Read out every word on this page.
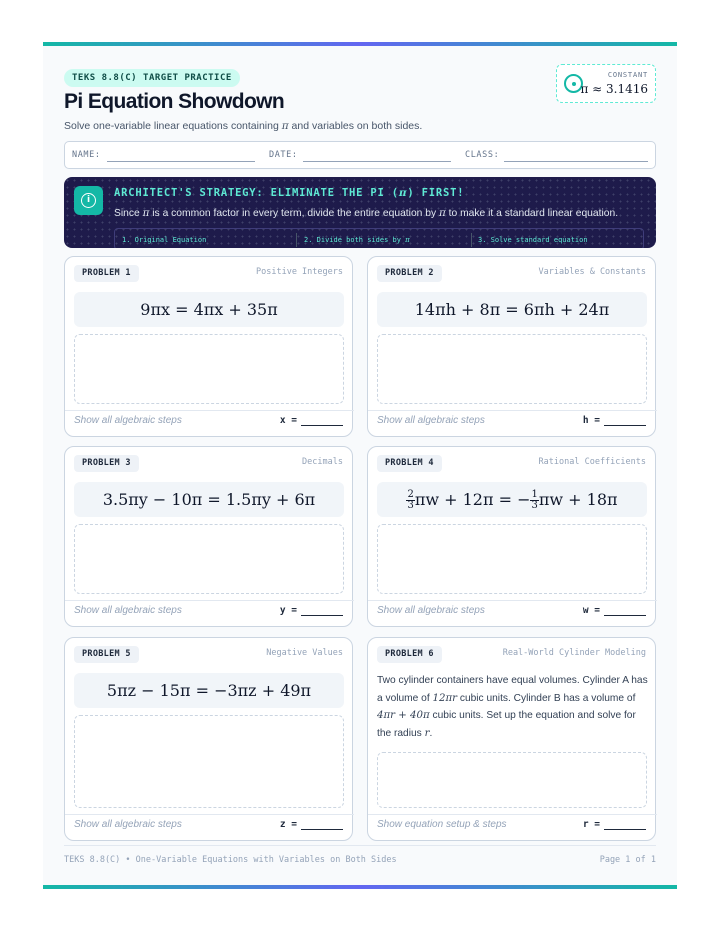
TEKS 8.8(C) TARGET PRACTICE
Pi Equation Showdown
Solve one-variable linear equations containing π and variables on both sides.
CONSTANT
π ≈ 3.1416
NAME:	DATE:	CLASS:
i
ARCHITECT'S STRATEGY: ELIMINATE THE PI (π) FIRST!
Since π is a common factor in every term, divide the entire equation by π to make it a standard linear equation.
1. Original Equation	2. Divide both sides by π	3. Solve standard equation
PROBLEM 1	Positive Integers
9πx = 4πx + 35π
Show all algebraic steps	x =
PROBLEM 2	Variables & Constants
14πh + 8π = 6πh + 24π
Show all algebraic steps	h =
PROBLEM 3	Decimals
3.5πy − 10π = 1.5πy + 6π
Show all algebraic steps	y =
PROBLEM 4	Rational Coefficients
$\frac{2}{3}$ πw + 12π = − $\frac{1}{3}$ πw + 18π
Show all algebraic steps	w =
PROBLEM 5	Negative Values
5πz − 15π = −3πz + 49π
Show all algebraic steps	z =
PROBLEM 6	Real-World Cylinder Modeling
Two cylinder containers have equal volumes. Cylinder A has a volume of 12πr cubic units. Cylinder B has a volume of 4πr + 40π cubic units. Set up the equation and solve for the radius r.
Show equation setup & steps	r =
TEKS 8.8(C) • One-Variable Equations with Variables on Both Sides	Page 1 of 1
